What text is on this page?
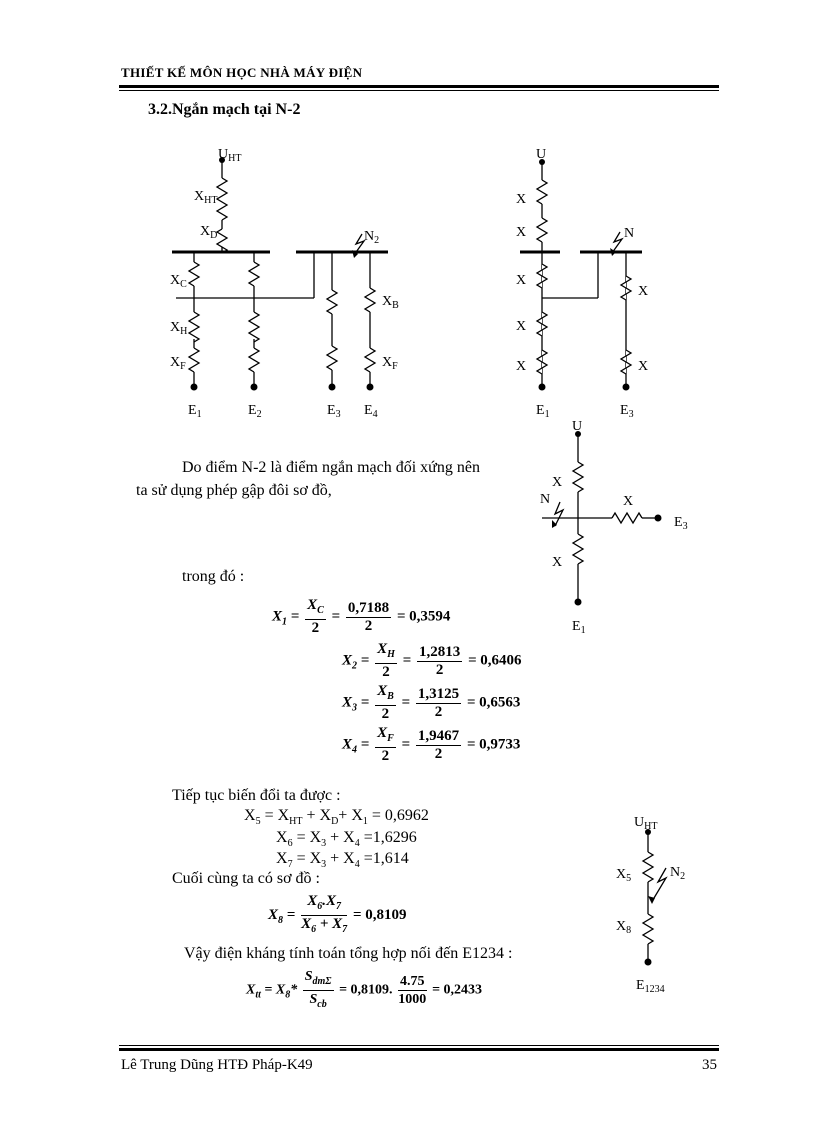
THIẾT KẾ MÔN HỌC NHÀ MÁY ĐIỆN
3.2.Ngắn mạch tại N-2
$U_{HT}$
$X_{HT}$
$X_D$
$X_C$
$X_H$
$X_F$
$X_B$
$X_F$
$N_2$
$E_1$	$E_2$	$E_3$ $E_4$
U
X
X
X
X
X
X
X
N
$E_1$	$E_3$
U
X
X
X
N
$E_1$
$E_3$
Do điểm N-2 là điểm ngắn mạch đối xứng nên
ta sử dụng phép gập đôi sơ đồ,
trong đó :
$X_1 = \frac{X_C}{2} = \frac{0,7188}{2} = 0,3594$
$X_2 = \frac{X_H}{2} = \frac{1,2813}{2} = 0,6406$
$X_3 = \frac{X_B}{2} = \frac{1,3125}{2} = 0,6563$
$X_4 = \frac{X_F}{2} = \frac{1,9467}{2} = 0,9733$
Tiếp tục biến đổi ta được :
$X_5 = X_{HT} + X_D+ X_1 = 0,6962$
$X_6 = X_3 + X_4 =1,6296$
$X_7 = X_3 + X_4 =1,614$
Cuối cùng ta có sơ đồ :
$X_8 = \frac{X_6.X_7}{X_6 + X_7} = 0,8109$
Vậy điện kháng tính toán tổng hợp nối đến E1234 :
$X_{tt} = X_8* \frac{S_{dm\Sigma}}{S_{cb}} = 0,8109$. $\frac{4.75}{1000} = 0,2433$
$U_{HT}$
$X_5$
$X_8$
$N_2$
$E_{1234}$
Lê Trung Dũng HTĐ Pháp-K49	35
